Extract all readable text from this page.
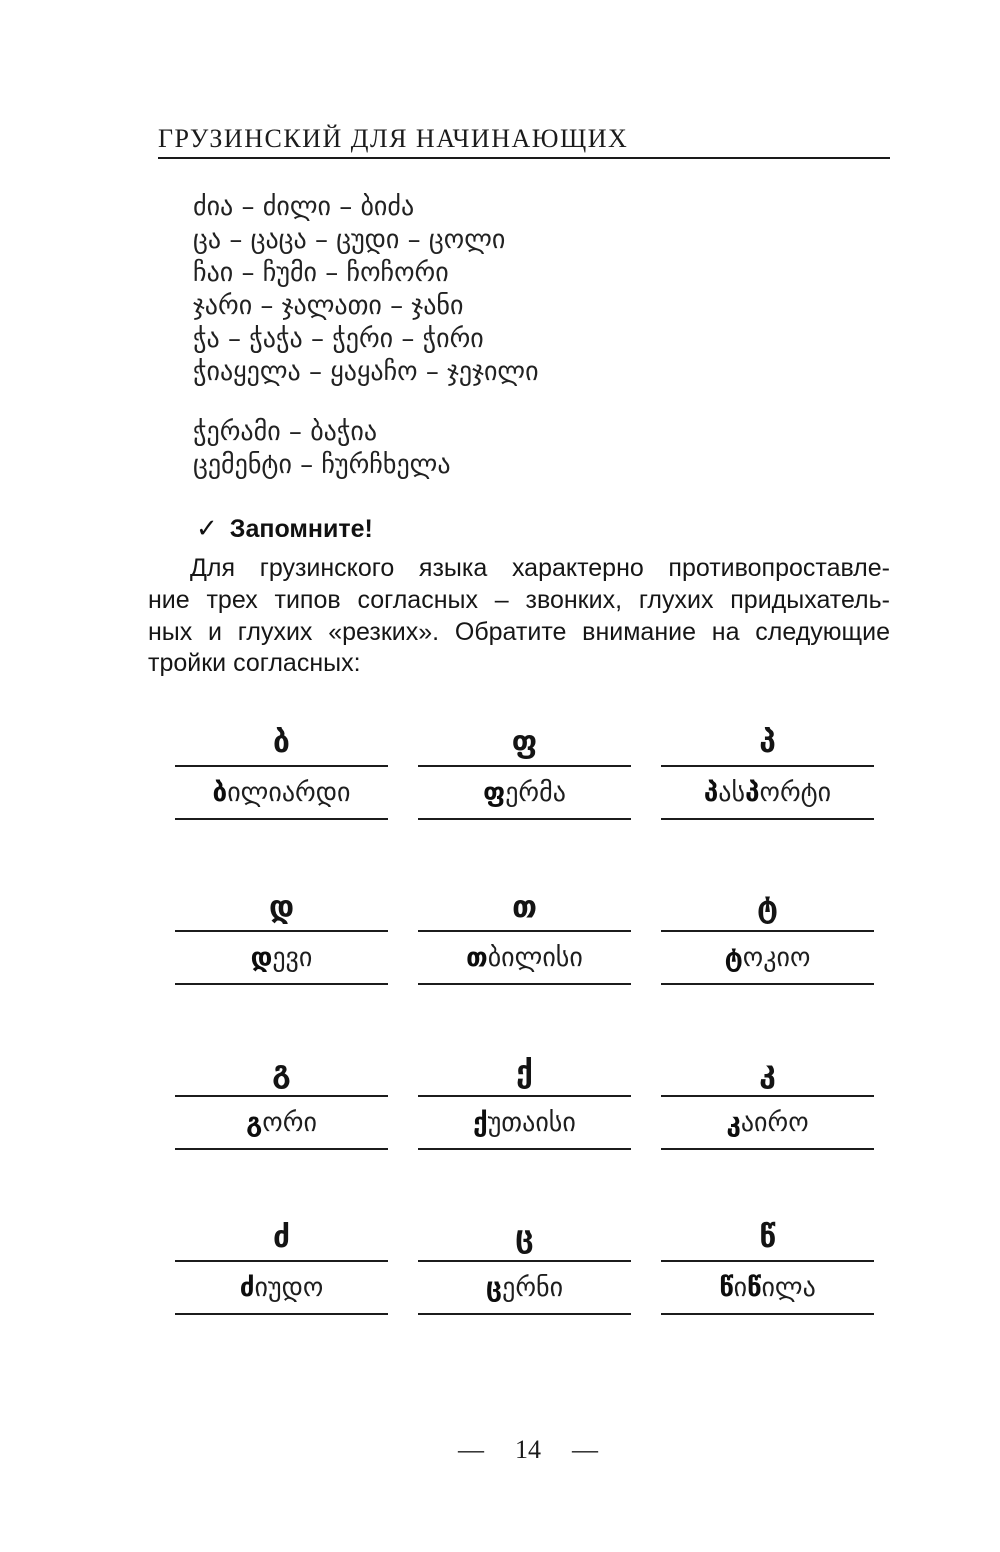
ГРУЗИНСКИЙ ДЛЯ НАЧИНАЮЩИХ
ძია – ძილი – ბიძა
ცა – ცაცა – ცუდი – ცოლი
ჩაი – ჩუმი – ჩოჩორი
ჯარი – ჯალათი – ჯანი
ჭა – ჭაჭა – ჭერი – ჭირი
ჭიაყელა – ყაყაჩო – ჯეჯილი
ჭერამი – ბაჭია
ცემენტი – ჩურჩხელა
✓ Запомните!
Для грузинского языка характерно противопроставле-
ние трех типов согласных – звонких, глухих придыхатель-
ных и глухих «резких». Обратите внимание на следующие
тройки согласных:
ბ
ბ ი ლ ი ა რ დ ი
ფ
ფ ე რ მ ა
პ
პ ა ს პ ო რ ტ ი
დ
დ ე ვ ი
თ
თ ბ ი ლ ი ს ი
ტ
ტ ო კ ი ო
გ
გ ო რ ი
ქ
ქ უ თ ა ი ს ი
კ
კ ა ი რ ო
ძ
ძ ი უ დ ო
ც
ც ე რ ნ ი
წ
წ ი წ ი ლ ა
— 14 —
